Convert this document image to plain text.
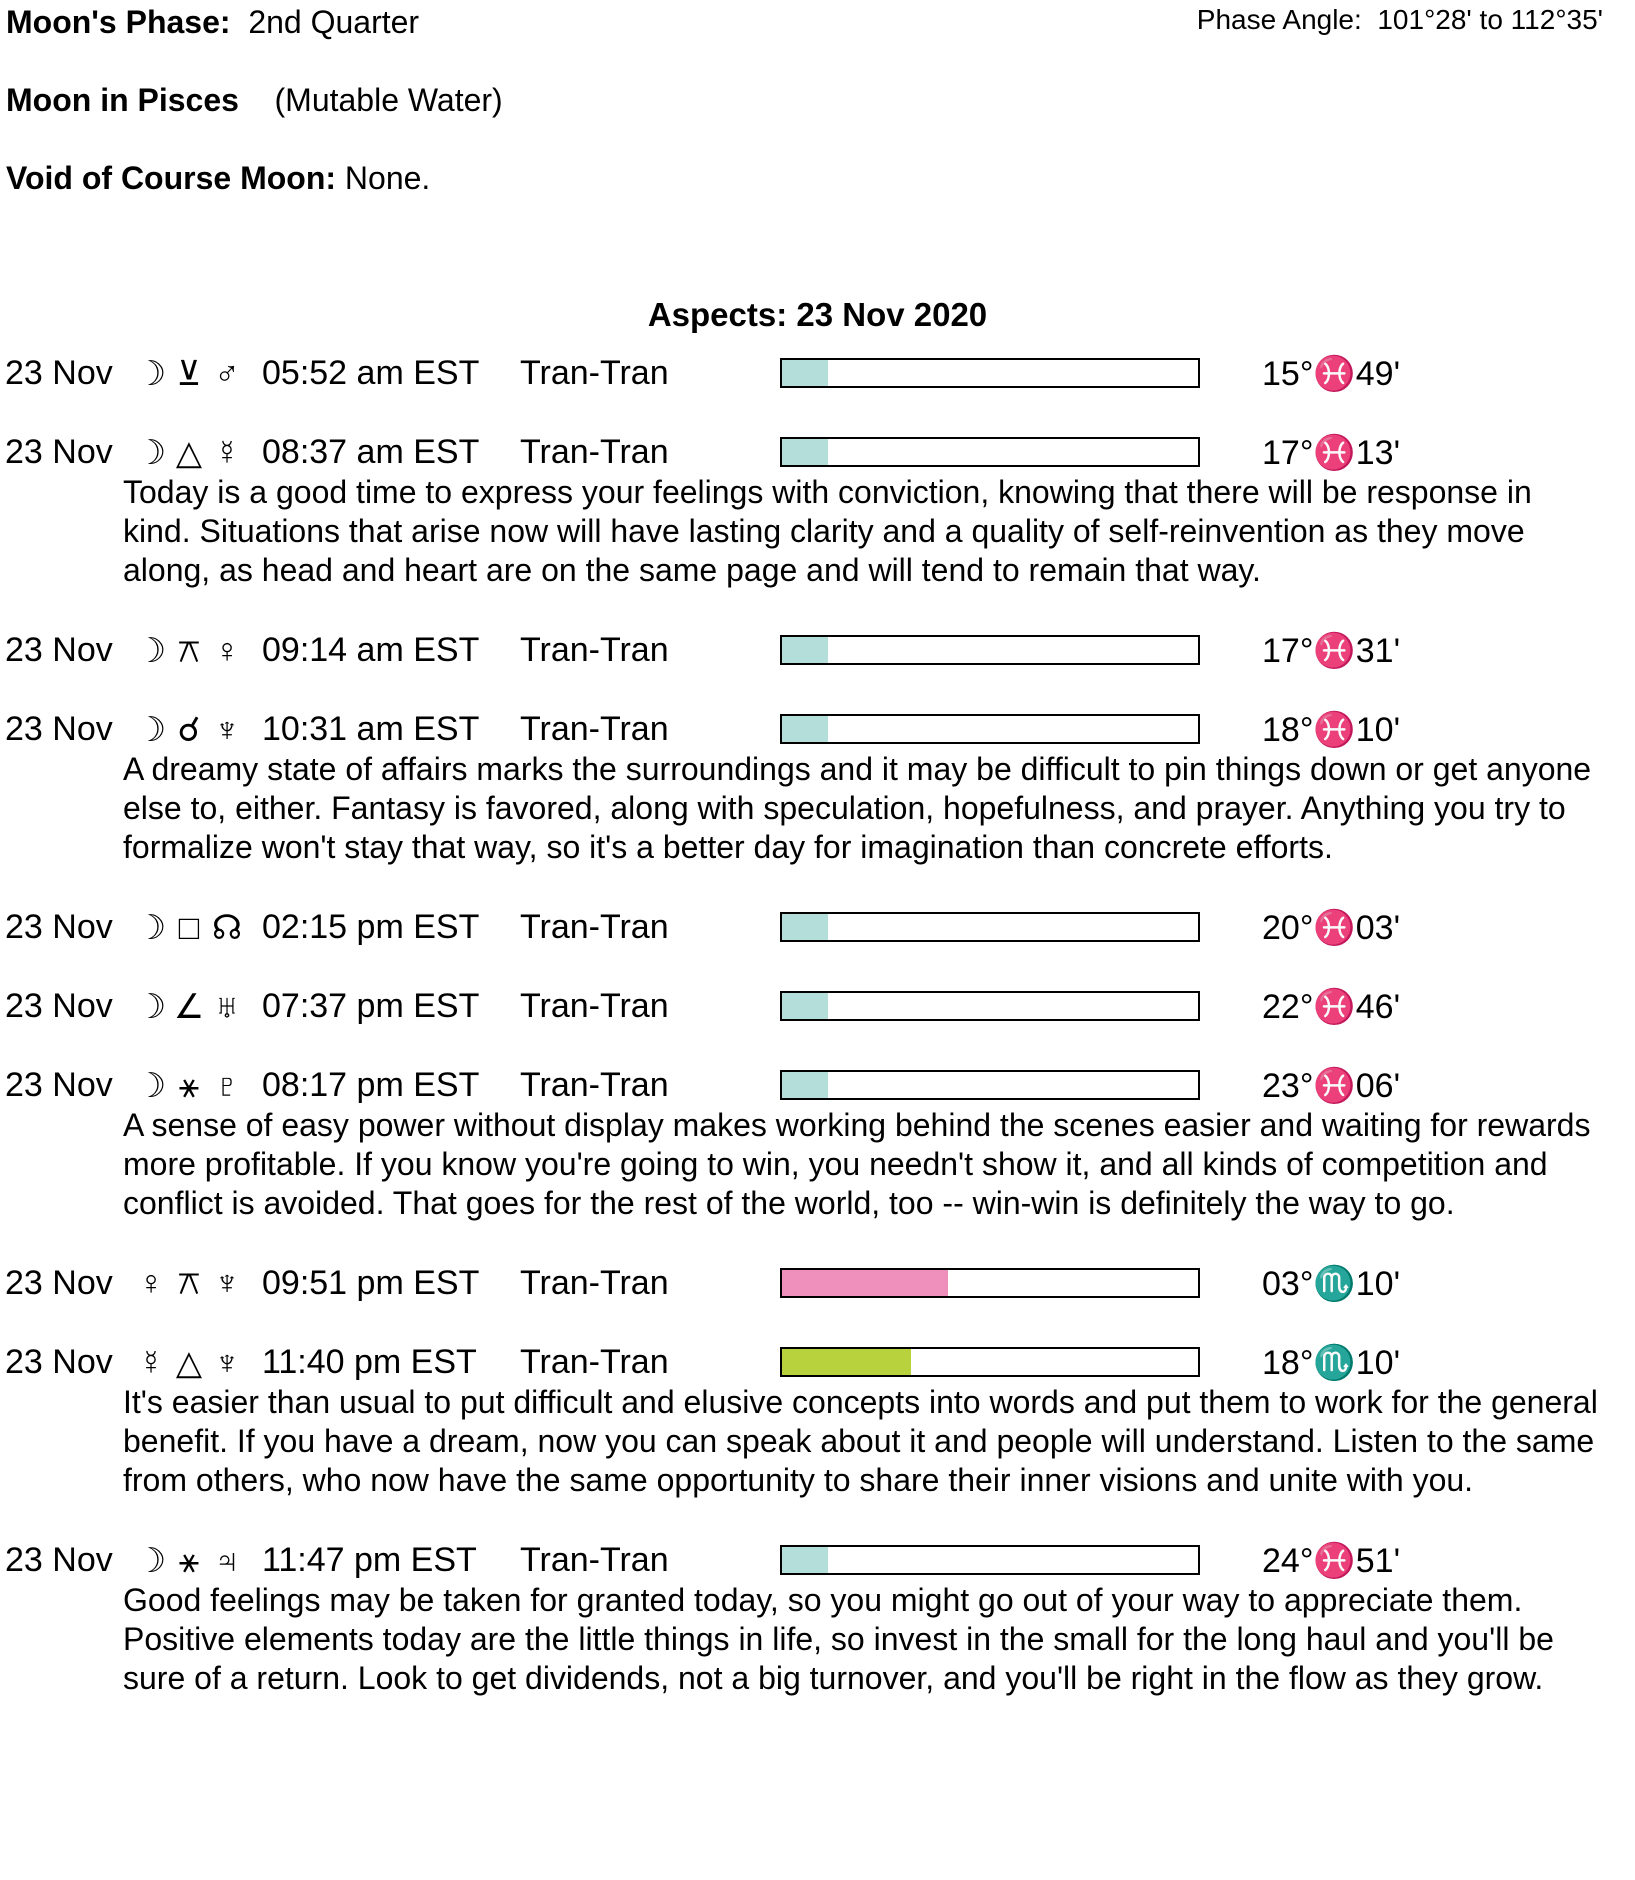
Moon's Phase: 2nd Quarter	Phase Angle: 101°28' to 112°35'
Moon in Pisces (Mutable Water)
Void of Course Moon: None.
Aspects: 23 Nov 2020
23 Nov ☽ ⊻ ♂ 05:52 am EST Tran-Tran	15°♓49'
23 Nov ☽ △ ☿ 08:37 am EST Tran-Tran	17°♓13'
Today is a good time to express your feelings with conviction, knowing that there will be response in kind. Situations that arise now will have lasting clarity and a quality of self-reinvention as they move along, as head and heart are on the same page and will tend to remain that way.
23 Nov ☽ ⚻ ♀ 09:14 am EST Tran-Tran	17°♓31'
23 Nov ☽ ☌ ♆ 10:31 am EST Tran-Tran	18°♓10'
A dreamy state of affairs marks the surroundings and it may be difficult to pin things down or get anyone else to, either. Fantasy is favored, along with speculation, hopefulness, and prayer. Anything you try to formalize won't stay that way, so it's a better day for imagination than concrete efforts.
23 Nov ☽ □ ☊ 02:15 pm EST Tran-Tran	20°♓03'
23 Nov ☽ ∠ ♅ 07:37 pm EST Tran-Tran	22°♓46'
23 Nov ☽ ⚹ ♇ 08:17 pm EST Tran-Tran	23°♓06'
A sense of easy power without display makes working behind the scenes easier and waiting for rewards more profitable. If you know you're going to win, you needn't show it, and all kinds of competition and conflict is avoided. That goes for the rest of the world, too -- win-win is definitely the way to go.
23 Nov ♀ ⚻ ♆ 09:51 pm EST Tran-Tran	03°♏10'
23 Nov ☿ △ ♆ 11:40 pm EST Tran-Tran	18°♏10'
It's easier than usual to put difficult and elusive concepts into words and put them to work for the general benefit. If you have a dream, now you can speak about it and people will understand. Listen to the same from others, who now have the same opportunity to share their inner visions and unite with you.
23 Nov ☽ ⚹ ♃ 11:47 pm EST Tran-Tran	24°♓51'
Good feelings may be taken for granted today, so you might go out of your way to appreciate them. Positive elements today are the little things in life, so invest in the small for the long haul and you'll be sure of a return. Look to get dividends, not a big turnover, and you'll be right in the flow as they grow.
